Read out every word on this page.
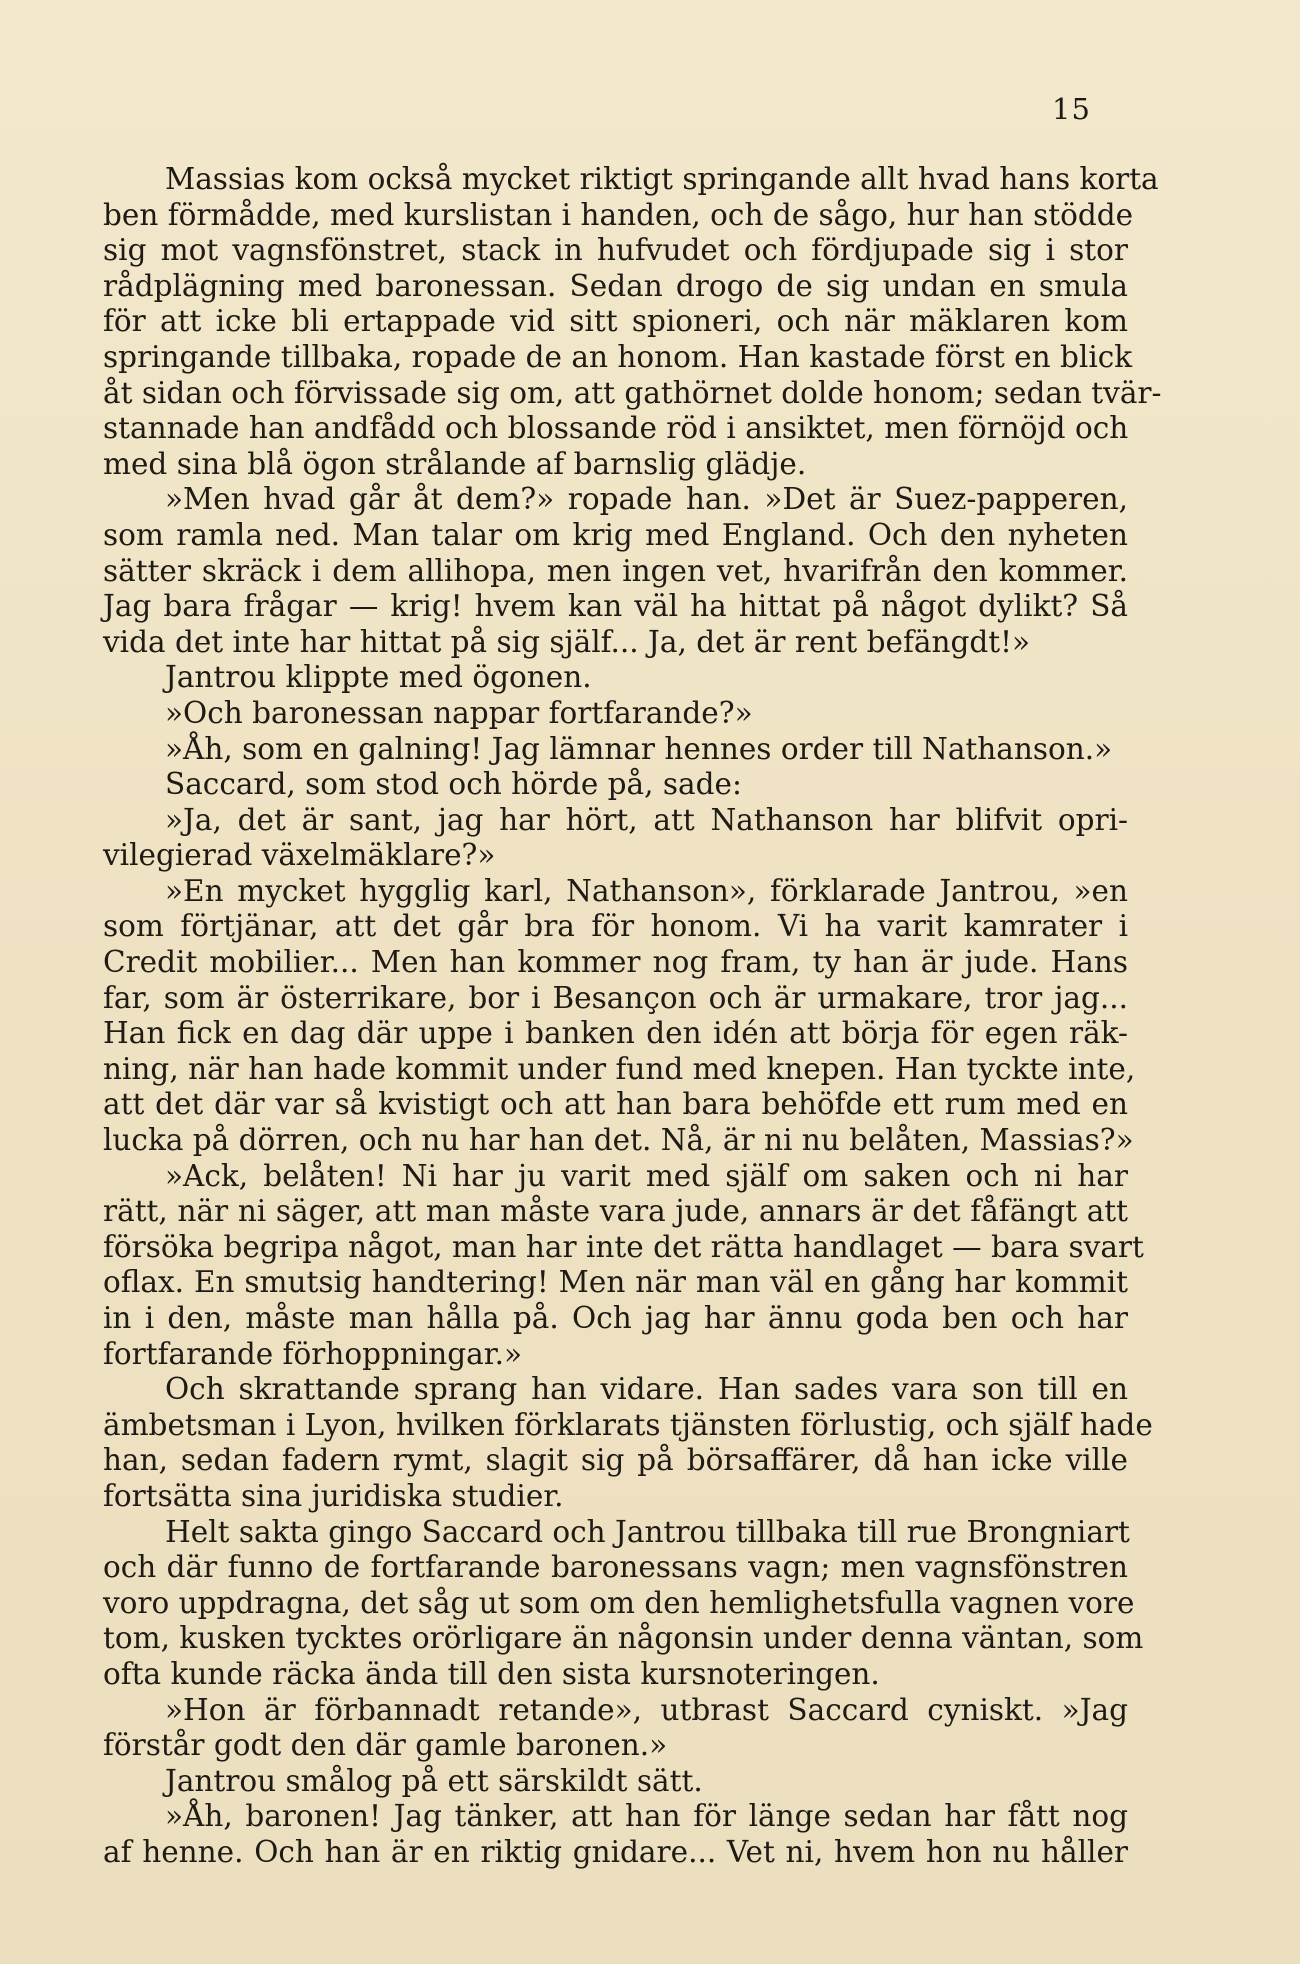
15
Massias kom också mycket riktigt springande allt hvad hans korta
ben förmådde, med kurslistan i handen, och de sågo, hur han stödde
sig mot vagnsfönstret, stack in hufvudet och fördjupade sig i stor
rådplägning med baronessan. Sedan drogo de sig undan en smula
för att icke bli ertappade vid sitt spioneri, och när mäklaren kom
springande tillbaka, ropade de an honom. Han kastade först en blick
åt sidan och förvissade sig om, att gathörnet dolde honom; sedan tvär-
stannade han andfådd och blossande röd i ansiktet, men förnöjd och
med sina blå ögon strålande af barnslig glädje.
»Men hvad går åt dem?» ropade han. »Det är Suez-papperen,
som ramla ned. Man talar om krig med England. Och den nyheten
sätter skräck i dem allihopa, men ingen vet, hvarifrån den kommer.
Jag bara frågar — krig! hvem kan väl ha hittat på något dylikt? Så
vida det inte har hittat på sig själf... Ja, det är rent befängdt!»
Jantrou klippte med ögonen.
»Och baronessan nappar fortfarande?»
»Åh, som en galning! Jag lämnar hennes order till Nathanson.»
Saccard, som stod och hörde på, sade:
»Ja, det är sant, jag har hört, att Nathanson har blifvit opri-
vilegierad växelmäklare?»
»En mycket hygglig karl, Nathanson», förklarade Jantrou, »en
som förtjänar, att det går bra för honom. Vi ha varit kamrater i
Credit mobilier... Men han kommer nog fram, ty han är jude. Hans
far, som är österrikare, bor i Besançon och är urmakare, tror jag...
Han fick en dag där uppe i banken den idén att börja för egen räk-
ning, när han hade kommit under fund med knepen. Han tyckte inte,
att det där var så kvistigt och att han bara behöfde ett rum med en
lucka på dörren, och nu har han det. Nå, är ni nu belåten, Massias?»
»Ack, belåten! Ni har ju varit med själf om saken och ni har
rätt, när ni säger, att man måste vara jude, annars är det fåfängt att
försöka begripa något, man har inte det rätta handlaget — bara svart
oflax. En smutsig handtering! Men när man väl en gång har kommit
in i den, måste man hålla på. Och jag har ännu goda ben och har
fortfarande förhoppningar.»
Och skrattande sprang han vidare. Han sades vara son till en
ämbetsman i Lyon, hvilken förklarats tjänsten förlustig, och själf hade
han, sedan fadern rymt, slagit sig på börsaffärer, då han icke ville
fortsätta sina juridiska studier.
Helt sakta gingo Saccard och Jantrou tillbaka till rue Brongniart
och där funno de fortfarande baronessans vagn; men vagnsfönstren
voro uppdragna, det såg ut som om den hemlighetsfulla vagnen vore
tom, kusken tycktes orörligare än någonsin under denna väntan, som
ofta kunde räcka ända till den sista kursnoteringen.
»Hon är förbannadt retande», utbrast Saccard cyniskt. »Jag
förstår godt den där gamle baronen.»
Jantrou smålog på ett särskildt sätt.
»Åh, baronen! Jag tänker, att han för länge sedan har fått nog
af henne. Och han är en riktig gnidare... Vet ni, hvem hon nu håller
